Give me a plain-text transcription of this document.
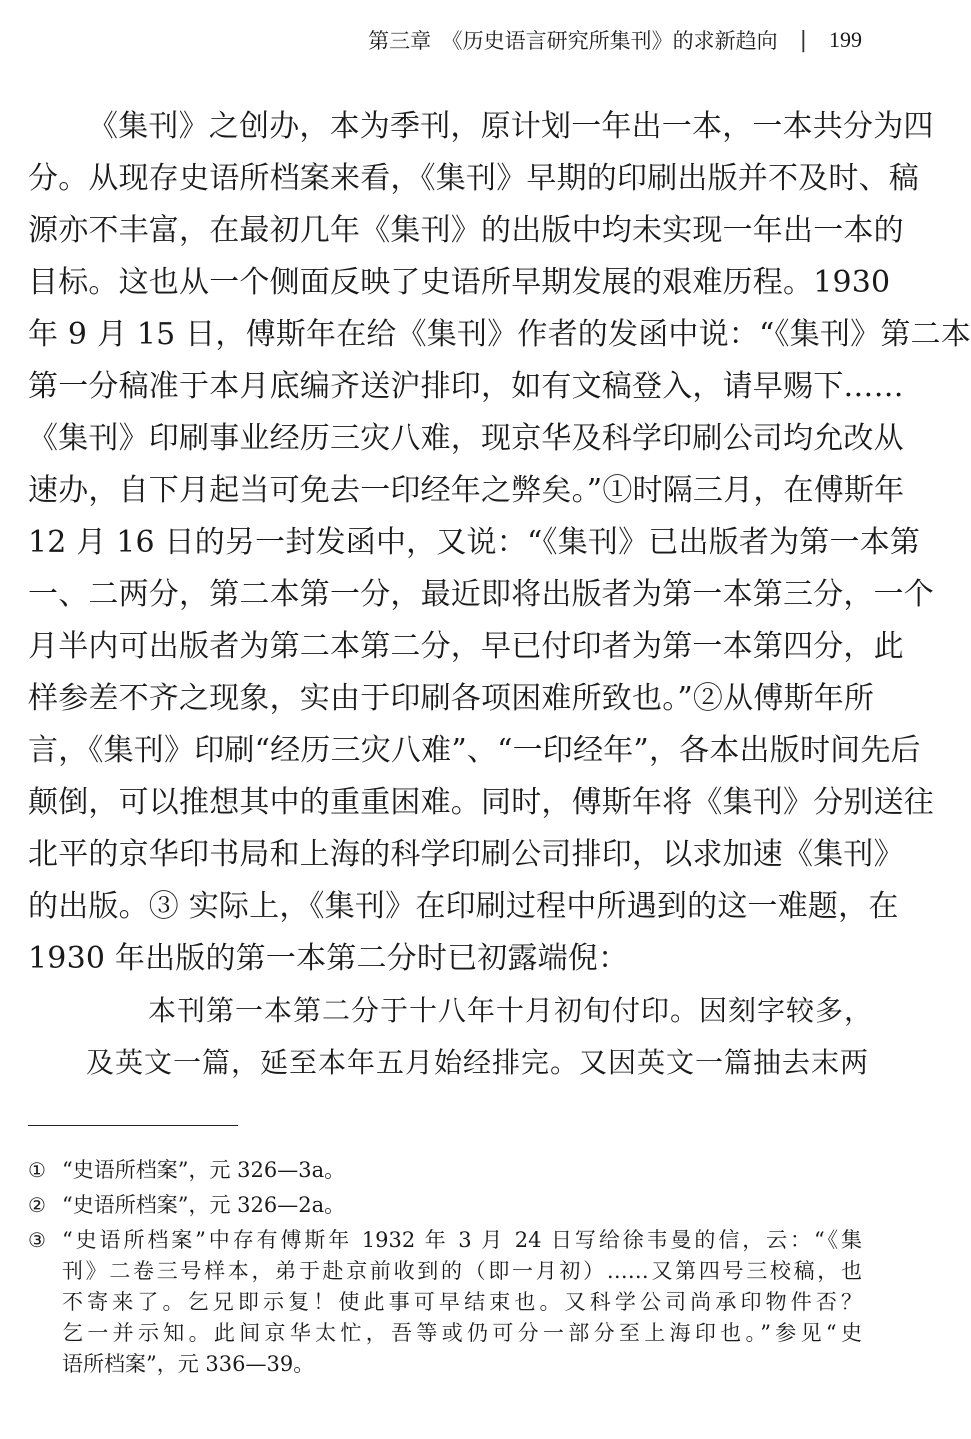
第三章　《历史语言研究所集刊》的求新趋向 | 199
《集刊》之创办，本为季刊，原计划一年出一本，一本共分为四
分。从现存史语所档案来看，《集刊》早期的印刷出版并不及时、稿
源亦不丰富，在最初几年《集刊》的出版中均未实现一年出一本的
目标。这也从一个侧面反映了史语所早期发展的艰难历程。1930
年 9 月 15 日，傅斯年在给《集刊》作者的发函中说：“《集刊》第二本
第一分稿准于本月底编齐送沪排印，如有文稿登入，请早赐下……
《集刊》印刷事业经历三灾八难，现京华及科学印刷公司均允改从
速办，自下月起当可免去一印经年之弊矣。”①时隔三月，在傅斯年
12 月 16 日的另一封发函中，又说：“《集刊》已出版者为第一本第
一、二两分，第二本第一分，最近即将出版者为第一本第三分，一个
月半内可出版者为第二本第二分，早已付印者为第一本第四分，此
样参差不齐之现象，实由于印刷各项困难所致也。”②从傅斯年所
言，《集刊》印刷“经历三灾八难”、“一印经年”，各本出版时间先后
颠倒，可以推想其中的重重困难。同时，傅斯年将《集刊》分别送往
北平的京华印书局和上海的科学印刷公司排印，以求加速《集刊》
的出版。③ 实际上，《集刊》在印刷过程中所遇到的这一难题，在
1930 年出版的第一本第二分时已初露端倪：
本刊第一本第二分于十八年十月初旬付印。因刻字较多，
及英文一篇，延至本年五月始经排完。又因英文一篇抽去末两
① “史语所档案”，元 326—3a。
② “史语所档案”，元 326—2a。
③ “史语所档案”中存有傅斯年 1932 年 3 月 24 日写给徐韦曼的信，云：“《集
刊》二卷三号样本，弟于赴京前收到的（即一月初）……又第四号三校稿，也
不寄来了。乞兄即示复！使此事可早结束也。又科学公司尚承印物件否？
乞一并示知。此间京华太忙，吾等或仍可分一部分至上海印也。”参见“史
语所档案”，元 336—39。
